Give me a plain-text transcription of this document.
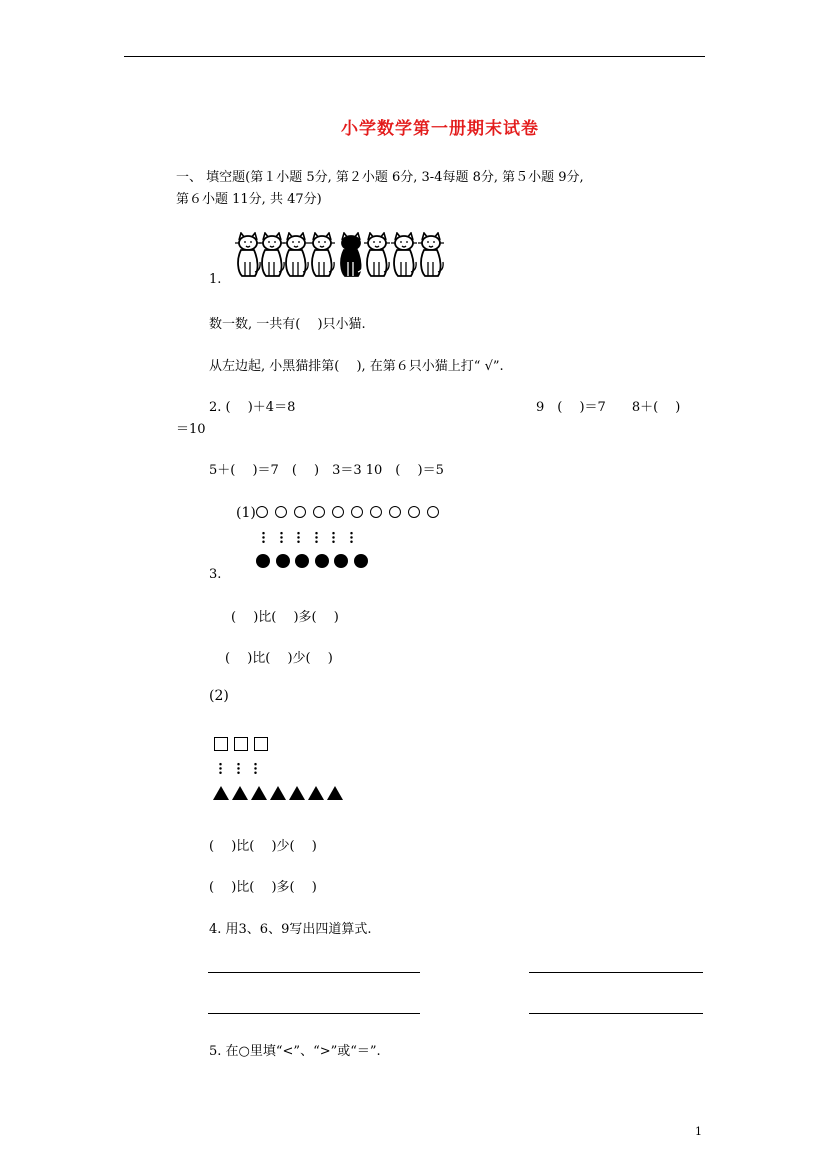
小学数学第一册期末试卷
一、 填空题(第１小题 5分, 第２小题 6分, 3-4每题 8分, 第５小题 9分,
第６小题 11分, 共 47分)
1.
数一数, 一共有(　 )只小猫.
从左边起, 小黑猫排第(　 ), 在第６只小猫上打“ √”.
2. (　 )＋4＝8	9　(　 )＝7　　8＋(　 )
＝10
5＋(　 )＝7　(　 )　3＝3 10　(　 )＝5
(1)
3.
(　 )比(　 )多(　 )
(　 )比(　 )少(　 )
(2)
(　 )比(　 )少(　 )
(　 )比(　 )多(　 )
4. 用3、6、9写出四道算式.
5. 在○里填“<”、“>”或“＝”.
1
